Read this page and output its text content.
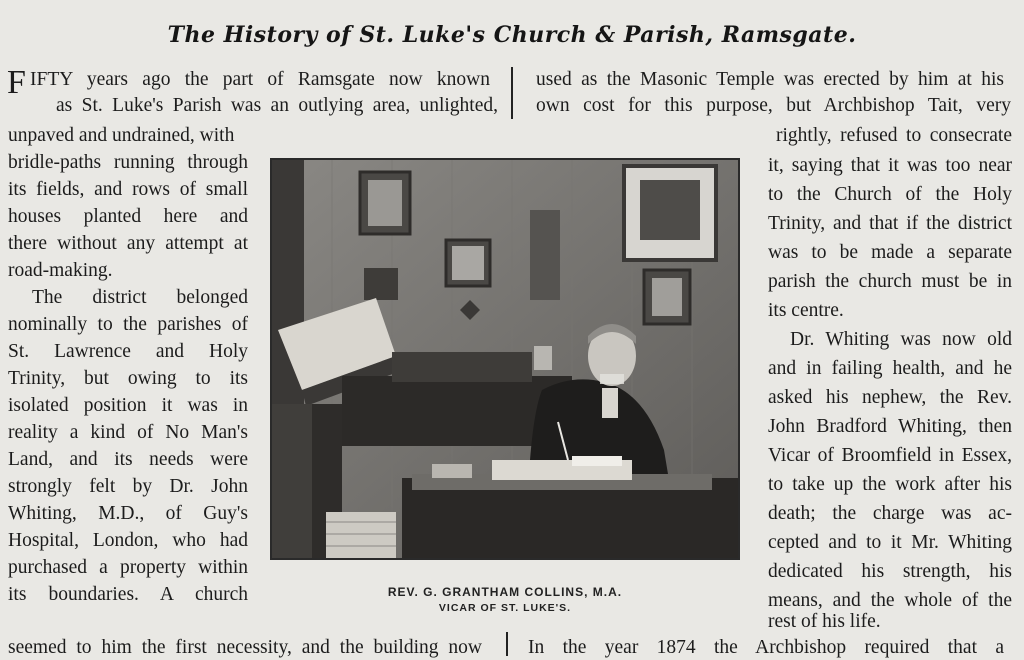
The History of St. Luke's Church & Parish, Ramsgate.
F IFTY years ago the part of Ramsgate now known
as St. Luke's Parish was an outlying area, unlighted,
used as the Masonic Temple was erected by him at his
own cost for this purpose, but Archbishop Tait, very
unpaved and undrained, with
bridle-paths running through
its fields, and rows of small
houses planted here and
there without any attempt at
road-making.
The district belonged
nominally to the parishes of
St. Lawrence and Holy
Trinity, but owing to its
isolated position it was in
reality a kind of No Man's
Land, and its needs were
strongly felt by Dr. John
Whiting, M.D., of Guy's
Hospital, London, who had
purchased a property within
its boundaries. A church	REV. G. GRANTHAM COLLINS, M.A.
VICAR OF ST. LUKE'S.
rightly, refused to consecrate
it, saying that it was too near
to the Church of the Holy
Trinity, and that if the district
was to be made a separate
parish the church must be in
its centre.
Dr. Whiting was now old
and in failing health, and he
asked his nephew, the Rev.
John Bradford Whiting, then
Vicar of Broomfield in Essex,
to take up the work after his
death; the charge was ac-
cepted and to it Mr. Whiting
dedicated his strength, his
means, and the whole of the
rest of his life.
seemed to him the first necessity, and the building now In the year 1874 the Archbishop required that a
